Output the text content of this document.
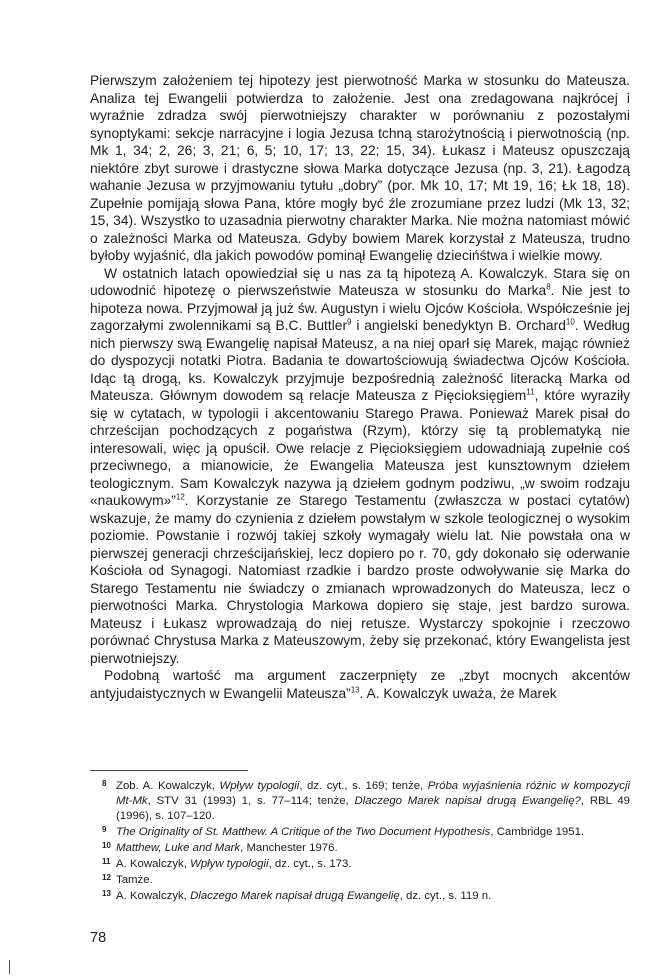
Pierwszym założeniem tej hipotezy jest pierwotność Marka w stosunku do Mateusza. Analiza tej Ewangelii potwierdza to założenie. Jest ona zredagowana najkrócej i wyraźnie zdradza swój pierwotniejszy charakter w porównaniu z pozostałymi synoptykami: sekcje narracyjne i logia Jezusa tchną starożytnością i pierwotnością (np. Mk 1, 34; 2, 26; 3, 21; 6, 5; 10, 17; 13, 22; 15, 34). Łukasz i Mateusz opuszczają niektóre zbyt surowe i drastyczne słowa Marka dotyczące Jezusa (np. 3, 21). Łagodzą wahanie Jezusa w przyjmowaniu tytułu „dobry” (por. Mk 10, 17; Mt 19, 16; Łk 18, 18). Zupełnie pomijają słowa Pana, które mogły być źle zrozumiane przez ludzi (Mk 13, 32; 15, 34). Wszystko to uzasadnia pierwotny charakter Marka. Nie można natomiast mówić o zależności Marka od Mateusza. Gdyby bowiem Marek korzystał z Mateusza, trudno byłoby wyjaśnić, dla jakich powodów pominął Ewangelię dziecińśtwa i wielkie mowy.

W ostatnich latach opowiedział się u nas za tą hipotezą A. Kowalczyk. Stara się on udowodnić hipotezę o pierwszeństwie Mateusza w stosunku do Marka$^8$. Nie jest to hipoteza nowa. Przyjmował ją już św. Augustyn i wielu Ojców Kościoła. Współcześnie jej zagorzałymi zwolennikami są B.C. Buttler$^9$ i angielski benedyktyn B. Orchard$^{10}$. Według nich pierwszy swą Ewangelię napisał Mateusz, a na niej oparł się Marek, mając również do dyspozycji notatki Piotra. Badania te dowartościowują świadectwa Ojców Kościoła. Idąc tą drogą, ks. Kowalczyk przyjmuje bezpośrednią zależność literacką Marka od Mateusza. Głównym dowodem są relacje Mateusza z Pięcioksięgiem$^{11}$, które wyraziły się w cytatach, w typologii i akcentowaniu Starego Prawa. Ponieważ Marek pisał do chrześcijan pochodzących z pogaństwa (Rzym), którzy się tą problematyką nie interesowali, więc ją opuścił. Owe relacje z Pięcioksięgiem udowadniają zupełnie coś przeciwnego, a mianowicie, że Ewangelia Mateusza jest kunsztownym dziełem teologicznym. Sam Kowalczyk nazywa ją dziełem godnym podziwu, „w swoim rodzaju «naukowym»”$^{12}$. Korzystanie ze Starego Testamentu (zwłaszcza w postaci cytatów) wskazuje, że mamy do czynienia z dziełem powstałym w szkole teologicznej o wysokim poziomie. Powstanie i rozwój takiej szkoły wymagały wielu lat. Nie powstała ona w pierwszej generacji chrześcijańskiej, lecz dopiero po r. 70, gdy dokonało się oderwanie Kościoła od Synagogi. Natomiast rzadkie i bardzo proste odwoływanie się Marka do Starego Testamentu nie świadczy o zmianach wprowadzonych do Mateusza, lecz o pierwotności Marka. Chrystologia Markowa dopiero się staje, jest bardzo surowa. Mateusz i Łukasz wprowadzają do niej retusze. Wystarczy spokojnie i rzeczowo porównać Chrystusa Marka z Mateuszowym, żeby się przekonać, który Ewangelista jest pierwotniejszy.

Podobną wartość ma argument zaczerpnięty ze „zbyt mocnych akcentów antyjudaistycznych w Ewangelii Mateusza”$^{13}$. A. Kowalczyk uważa, że Marek

8 Zob. A. Kowalczyk, Wpływ typologii, dz. cyt., s. 169; tenże, Próba wyjaśnienia różnic w kompozycji Mt-Mk, STV 31 (1993) 1, s. 77–114; tenże, Dlaczego Marek napisał drugą Ewangelię?, RBL 49 (1996), s. 107–120.
9 The Originality of St. Matthew. A Critique of the Two Document Hypothesis, Cambridge 1951.
10 Matthew, Luke and Mark, Manchester 1976.
11 A. Kowalczyk, Wpływ typologii, dz. cyt., s. 173.
12 Tamże.
13 A. Kowalczyk, Dlaczego Marek napisał drugą Ewangelię, dz. cyt., s. 119 n.
78
